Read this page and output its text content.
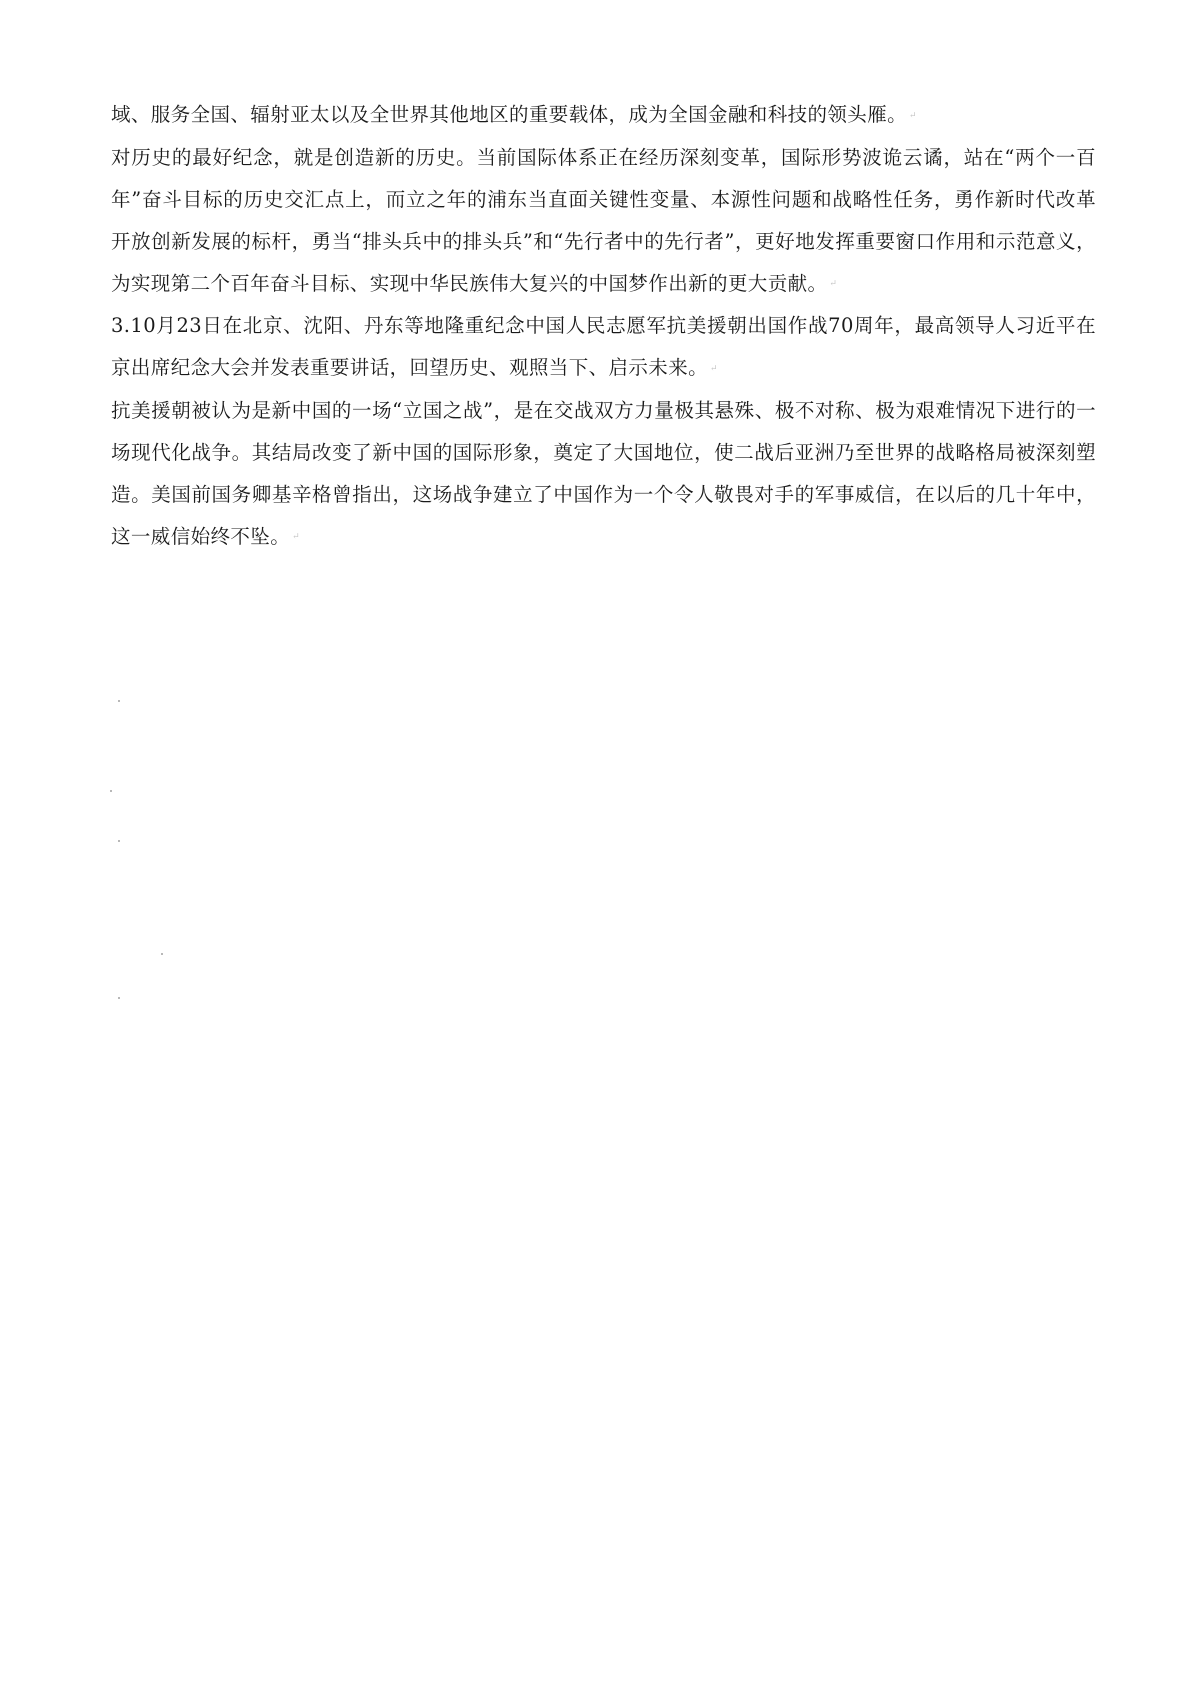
域、服务全国、辐射亚太以及全世界其他地区的重要载体，成为全国金融和科技的领头雁。 ↵

对历史的最好纪念，就是创造新的历史。当前国际体系正在经历深刻变革，国际形势波诡云谲，站在“两个一百年”奋斗目标的历史交汇点上，而立之年的浦东当直面关键性变量、本源性问题和战略性任务，勇作新时代改革开放创新发展的标杆，勇当“排头兵中的排头兵”和“先行者中的先行者”，更好地发挥重要窗口作用和示范意义，为实现第二个百年奋斗目标、实现中华民族伟大复兴的中国梦作出新的更大贡献。 ↵

3.10月23日在北京、沈阳、丹东等地隆重纪念中国人民志愿军抗美援朝出国作战70周年，最高领导人习近平在京出席纪念大会并发表重要讲话，回望历史、观照当下、启示未来。 ↵

抗美援朝被认为是新中国的一场“立国之战”，是在交战双方力量极其悬殊、极不对称、极为艰难情况下进行的一场现代化战争。其结局改变了新中国的国际形象，奠定了大国地位，使二战后亚洲乃至世界的战略格局被深刻塑造。美国前国务卿基辛格曾指出，这场战争建立了中国作为一个令人敬畏对手的军事威信，在以后的几十年中，这一威信始终不坠。 ↵
